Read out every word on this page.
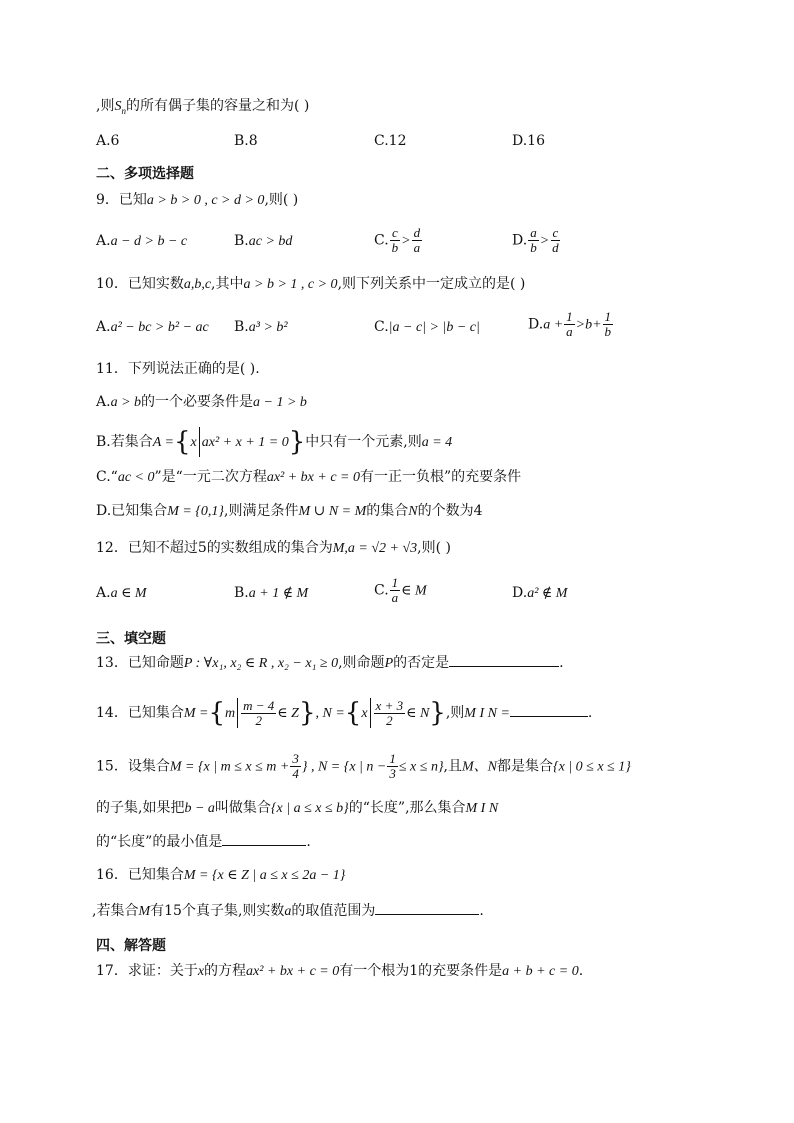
,则$S_n$的所有偶子集的容量之和为( )
A.6	B.8	C.12	D.16
二、多项选择题
9．已知a > b > 0 , c > d > 0,则( )
A.a − d > b − c	B.ac > bd	C. $\frac{c}{b} > \frac{d}{a}$	D. $\frac{a}{b} > \frac{c}{d}$
10．已知实数a,b,c,其中a > b > 1 , c > 0,则下列关系中一定成立的是( )
A.a² − bc > b² − ac B.a³ > b²	C.|a − c| > |b − c|	$D.a + \frac{1}{a} >b+ \frac{1}{b}$
11．下列说法正确的是( ).
A.a > b的一个必要条件是a − 1 > b
B.若集合A ={x ax² + x + 1 = 0}中只有一个元素,则a = 4
C.“ac < 0”是“一元二次方程ax² + bx + c = 0有一正一负根”的充要条件
D.已知集合M = {0,1},则满足条件M ∪ N = M的集合N的个数为4
12．已知不超过5的实数组成的集合为M,a = √2 + √3,则( )
A.a ∈ M	B.a + 1 ∉ M	C. $\frac{1}{a}$ ∈ M	D.a² ∉ M
三、填空题
13．已知命题P : ∀x₁, x₂ ∈ R , x₂ − x₁ ≥ 0,则命题P的否定是	.
14．已知集合$M =\{m \frac{m - 4}{2}$ ∈ Z}, $N =\{x \frac{x + 3}{2}$ ∈ N},则M I N =	.
15．设集合M = {x | $m \le x \le m + \frac{3}{4}$ } , N = {x | $n - \frac{1}{3} \le x \le n$},且M、N都是集合{x | 0 ≤ x ≤ 1}
的子集,如果把b − a叫做集合{x | a ≤ x ≤ b}的“长度”,那么集合M I N
的“长度”的最小值是	.
16．已知集合M = {x ∈ Z | a ≤ x ≤ 2a − 1}
,若集合M有15个真子集,则实数a的取值范围为	.
四、解答题
17．求证：关于x的方程ax² + bx + c = 0有一个根为1的充要条件是a + b + c = 0.
